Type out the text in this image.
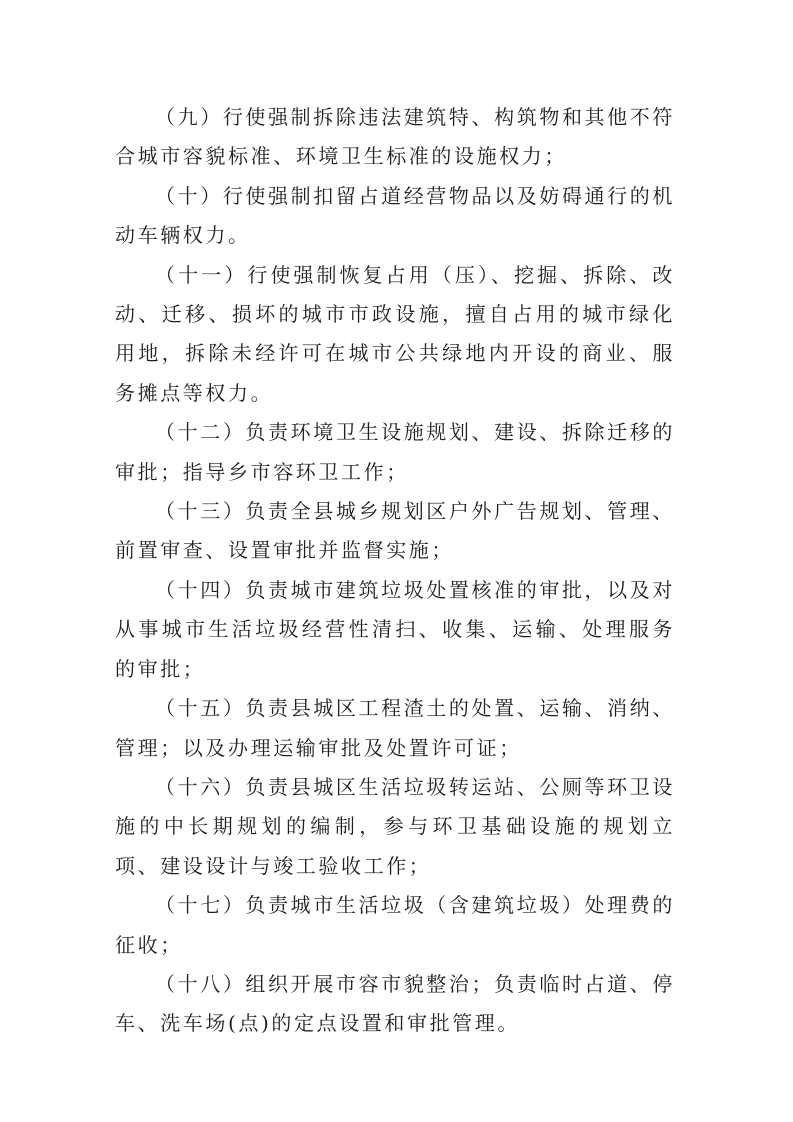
（九）行使强制拆除违法建筑特、构筑物和其他不符合城市容貌标准、环境卫生标准的设施权力；

（十）行使强制扣留占道经营物品以及妨碍通行的机动车辆权力。

（十一）行使强制恢复占用（压）、挖掘、拆除、改动、迁移、损坏的城市市政设施，擅自占用的城市绿化用地，拆除未经许可在城市公共绿地内开设的商业、服务摊点等权力。

（十二）负责环境卫生设施规划、建设、拆除迁移的审批；指导乡市容环卫工作；

（十三）负责全县城乡规划区户外广告规划、管理、前置审查、设置审批并监督实施；

（十四）负责城市建筑垃圾处置核准的审批，以及对从事城市生活垃圾经营性清扫、收集、运输、处理服务的审批；

（十五）负责县城区工程渣土的处置、运输、消纳、管理；以及办理运输审批及处置许可证；

（十六）负责县城区生活垃圾转运站、公厕等环卫设施的中长期规划的编制，参与环卫基础设施的规划立项、建设设计与竣工验收工作；

（十七）负责城市生活垃圾（含建筑垃圾）处理费的征收；

（十八）组织开展市容市貌整治；负责临时占道、停车、洗车场(点)的定点设置和审批管理。
